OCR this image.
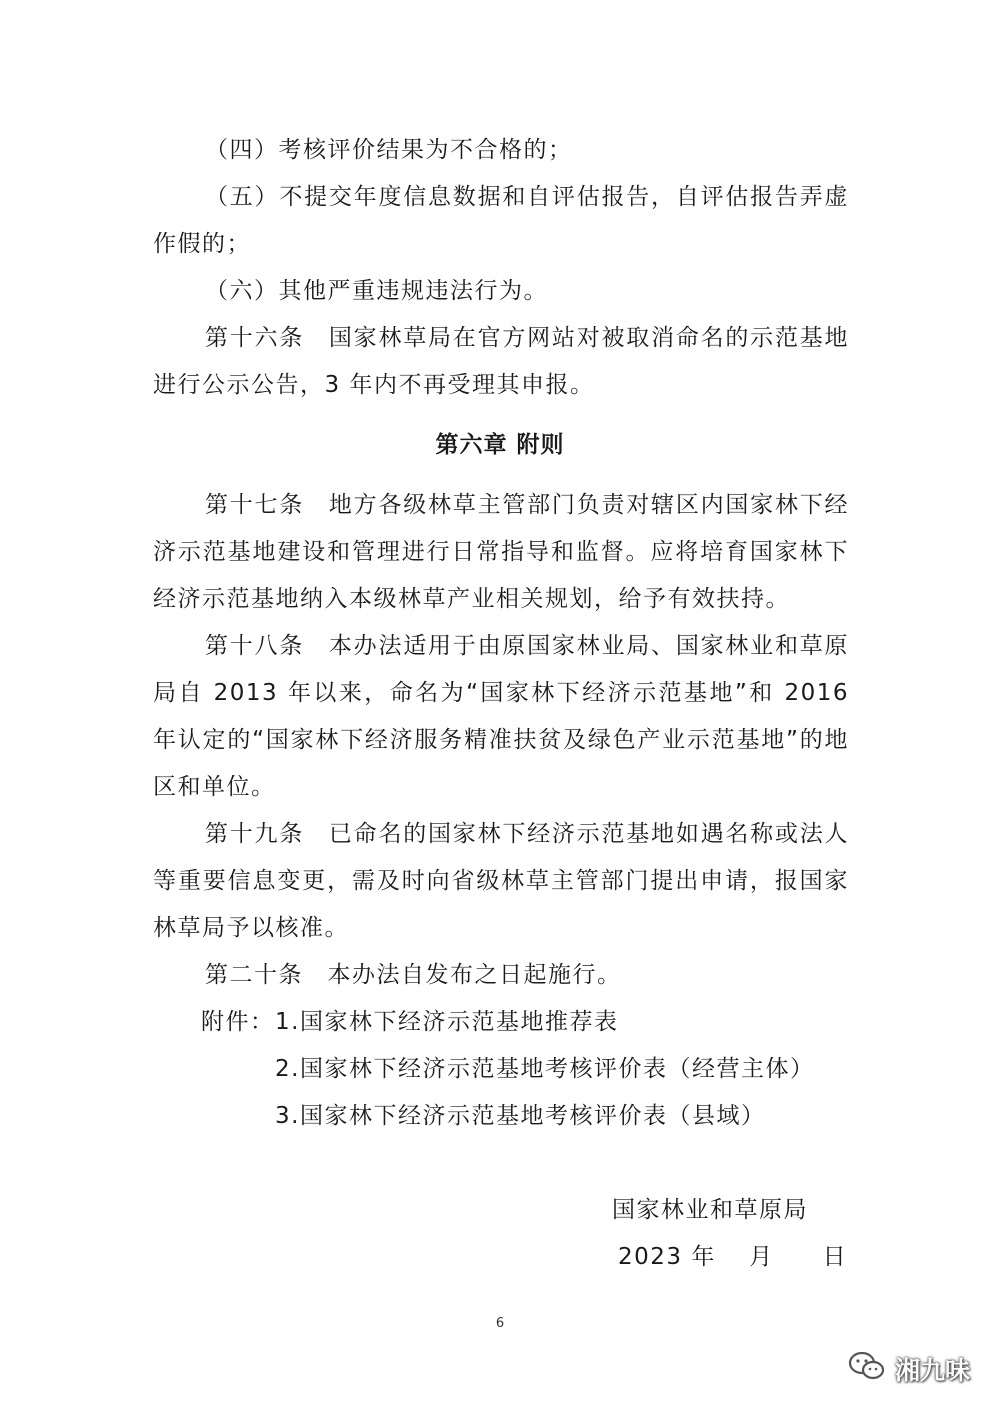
（四）考核评价结果为不合格的；

（五）不提交年度信息数据和自评估报告，自评估报告弄虚作假的；

（六）其他严重违规违法行为。

第十六条　国家林草局在官方网站对被取消命名的示范基地进行公示公告，3 年内不再受理其申报。

第六章 附则

第十七条　地方各级林草主管部门负责对辖区内国家林下经济示范基地建设和管理进行日常指导和监督。应将培育国家林下经济示范基地纳入本级林草产业相关规划，给予有效扶持。

第十八条　本办法适用于由原国家林业局、国家林业和草原局自 2013 年以来，命名为“国家林下经济示范基地”和 2016 年认定的“国家林下经济服务精准扶贫及绿色产业示范基地”的地区和单位。

第十九条　已命名的国家林下经济示范基地如遇名称或法人等重要信息变更，需及时向省级林草主管部门提出申请，报国家林草局予以核准。

第二十条　本办法自发布之日起施行。

附件： 1.国家林下经济示范基地推荐表
2.国家林下经济示范基地考核评价表（经营主体）
3.国家林下经济示范基地考核评价表（县域）
国家林业和草原局
2023 年　 月　　日
6
湘九味
